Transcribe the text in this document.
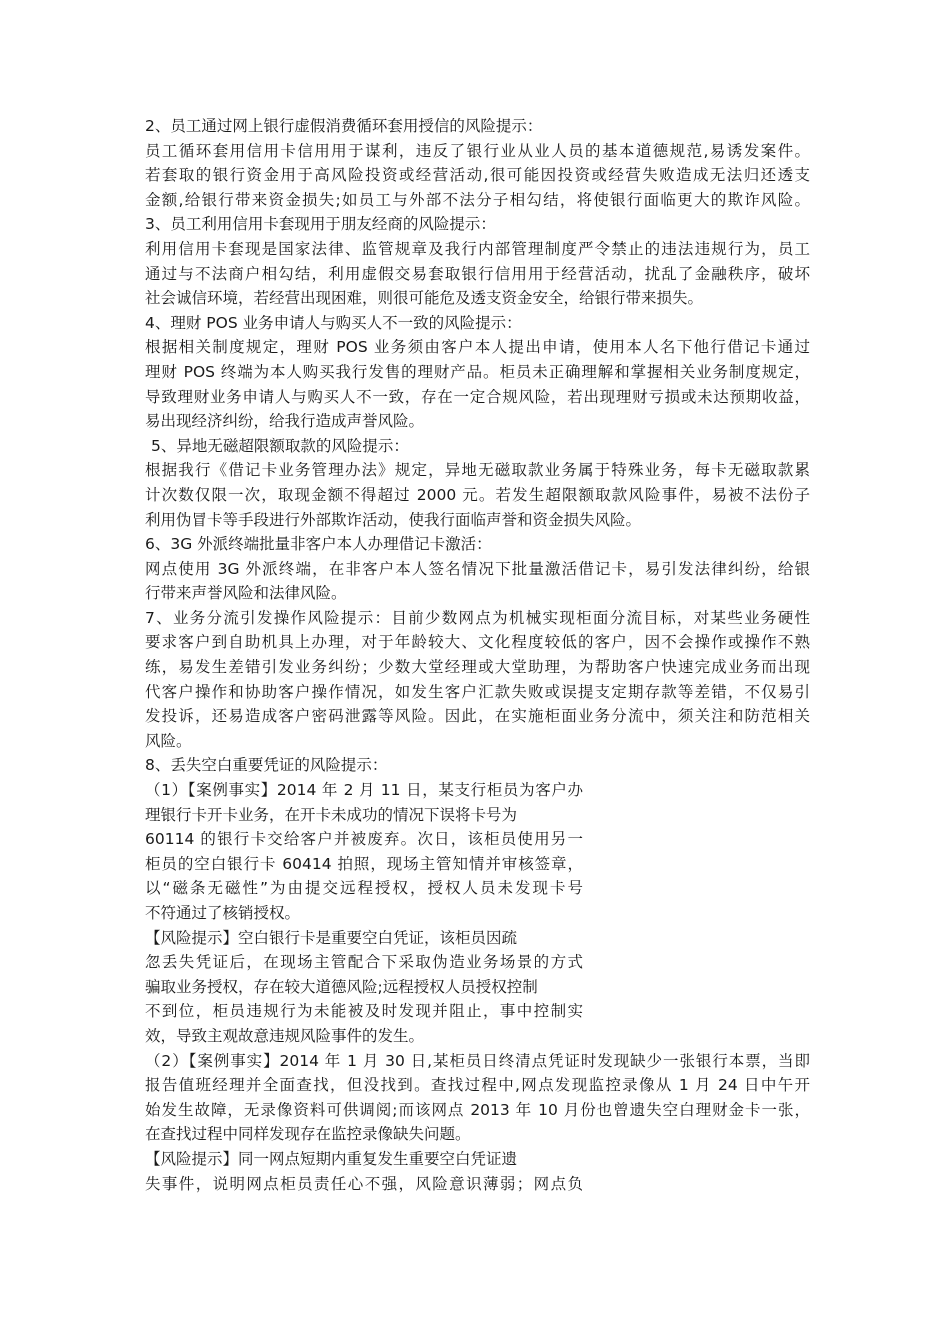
2、员工通过网上银行虚假消费循环套用授信的风险提示：
员工循环套用信用卡信用用于谋利，违反了银行业从业人员的基本道德规范,易诱发案件。
若套取的银行资金用于高风险投资或经营活动,很可能因投资或经营失败造成无法归还透支
金额,给银行带来资金损失;如员工与外部不法分子相勾结，将使银行面临更大的欺诈风险。
3、员工利用信用卡套现用于朋友经商的风险提示：
利用信用卡套现是国家法律、监管规章及我行内部管理制度严令禁止的违法违规行为，员工
通过与不法商户相勾结，利用虚假交易套取银行信用用于经营活动，扰乱了金融秩序，破坏
社会诚信环境，若经营出现困难，则很可能危及透支资金安全，给银行带来损失。
4、理财 POS 业务申请人与购买人不一致的风险提示：
根据相关制度规定，理财 POS 业务须由客户本人提出申请，使用本人名下他行借记卡通过
理财 POS 终端为本人购买我行发售的理财产品。柜员未正确理解和掌握相关业务制度规定，
导致理财业务申请人与购买人不一致，存在一定合规风险，若出现理财亏损或未达预期收益，
易出现经济纠纷，给我行造成声誉风险。
5、异地无磁超限额取款的风险提示：
根据我行《借记卡业务管理办法》规定，异地无磁取款业务属于特殊业务，每卡无磁取款累
计次数仅限一次，取现金额不得超过 2000 元。若发生超限额取款风险事件，易被不法份子
利用伪冒卡等手段进行外部欺诈活动，使我行面临声誉和资金损失风险。
6、3G 外派终端批量非客户本人办理借记卡激活：
网点使用 3G 外派终端，在非客户本人签名情况下批量激活借记卡，易引发法律纠纷，给银
行带来声誉风险和法律风险。
7、业务分流引发操作风险提示：目前少数网点为机械实现柜面分流目标，对某些业务硬性
要求客户到自助机具上办理，对于年龄较大、文化程度较低的客户，因不会操作或操作不熟
练，易发生差错引发业务纠纷；少数大堂经理或大堂助理，为帮助客户快速完成业务而出现
代客户操作和协助客户操作情况，如发生客户汇款失败或误提支定期存款等差错，不仅易引
发投诉，还易造成客户密码泄露等风险。因此，在实施柜面业务分流中，须关注和防范相关
风险。
8、丢失空白重要凭证的风险提示：
（1）【案例事实】2014 年 2 月 11 日，某支行柜员为客户办
理银行卡开卡业务，在开卡未成功的情况下误将卡号为
60114 的银行卡交给客户并被废弃。次日，该柜员使用另一
柜员的空白银行卡 60414 拍照，现场主管知情并审核签章，
以“磁条无磁性”为由提交远程授权，授权人员未发现卡号
不符通过了核销授权。
【风险提示】空白银行卡是重要空白凭证，该柜员因疏
忽丢失凭证后，在现场主管配合下采取伪造业务场景的方式
骗取业务授权，存在较大道德风险;远程授权人员授权控制
不到位，柜员违规行为未能被及时发现并阻止，事中控制实
效，导致主观故意违规风险事件的发生。
（2）【案例事实】2014 年 1 月 30 日,某柜员日终清点凭证时发现缺少一张银行本票，当即
报告值班经理并全面查找，但没找到。查找过程中,网点发现监控录像从 1 月 24 日中午开
始发生故障，无录像资料可供调阅;而该网点 2013 年 10 月份也曾遗失空白理财金卡一张，
在查找过程中同样发现存在监控录像缺失问题。
【风险提示】同一网点短期内重复发生重要空白凭证遗
失事件，说明网点柜员责任心不强，风险意识薄弱；网点负
